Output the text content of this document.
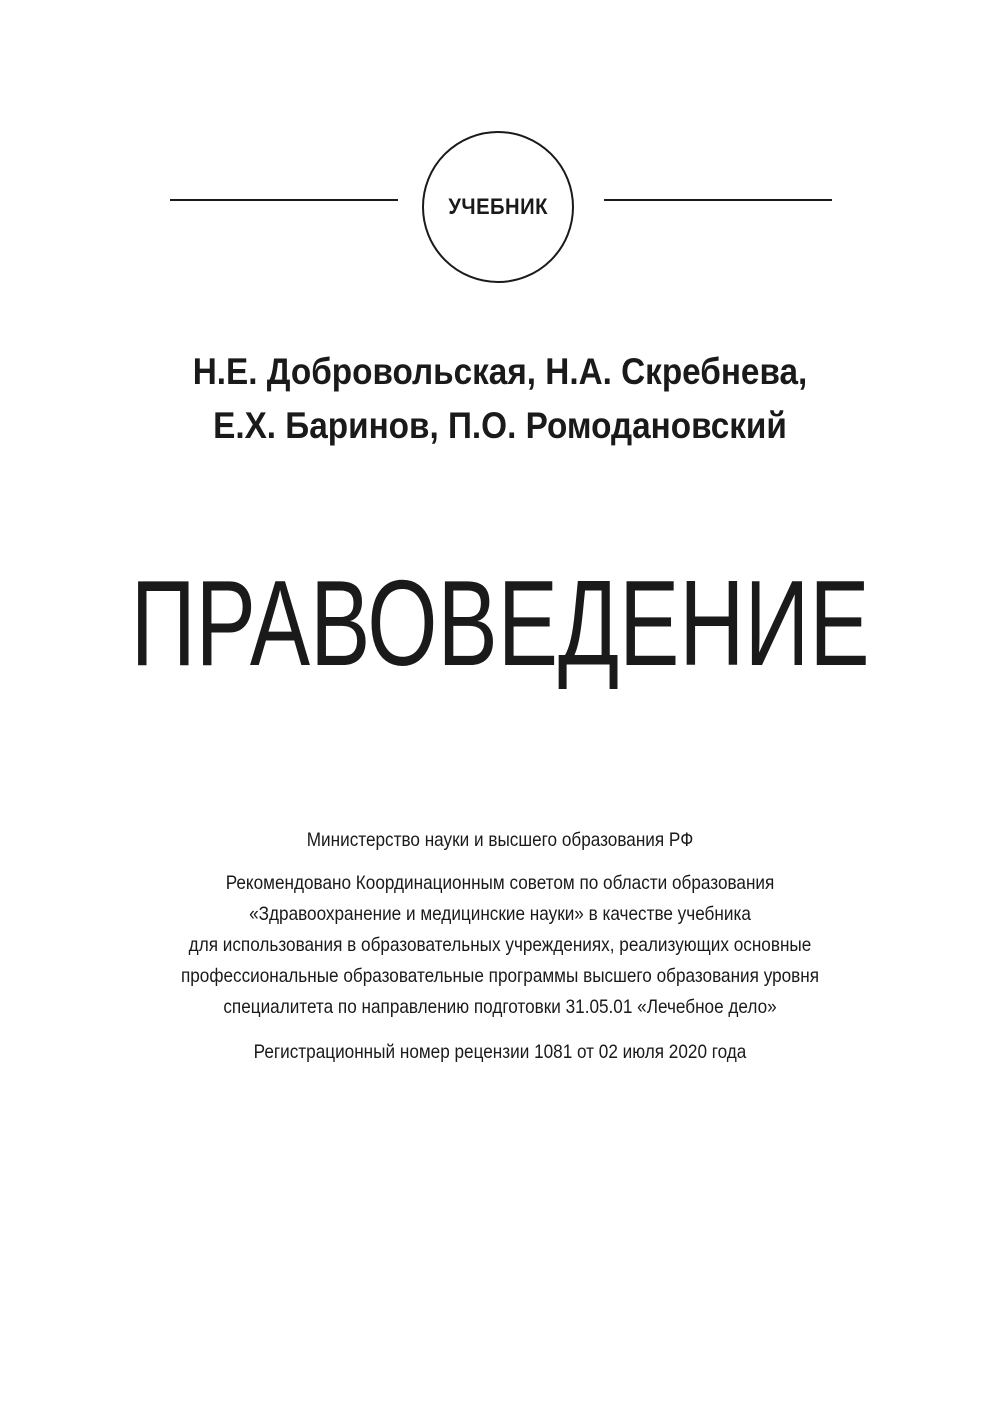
УЧЕБНИК
Н.Е. Добровольская, Н.А. Скребнева,
Е.Х. Баринов, П.О. Ромодановский
ПРАВОВЕДЕНИЕ

Министерство науки и высшего образования РФ

Рекомендовано Координационным советом по области образования
«Здравоохранение и медицинские науки» в качестве учебника
для использования в образовательных учреждениях, реализующих основные
профессиональные образовательные программы высшего образования уровня
специалитета по направлению подготовки 31.05.01 «Лечебное дело»

Регистрационный номер рецензии 1081 от 02 июля 2020 года
